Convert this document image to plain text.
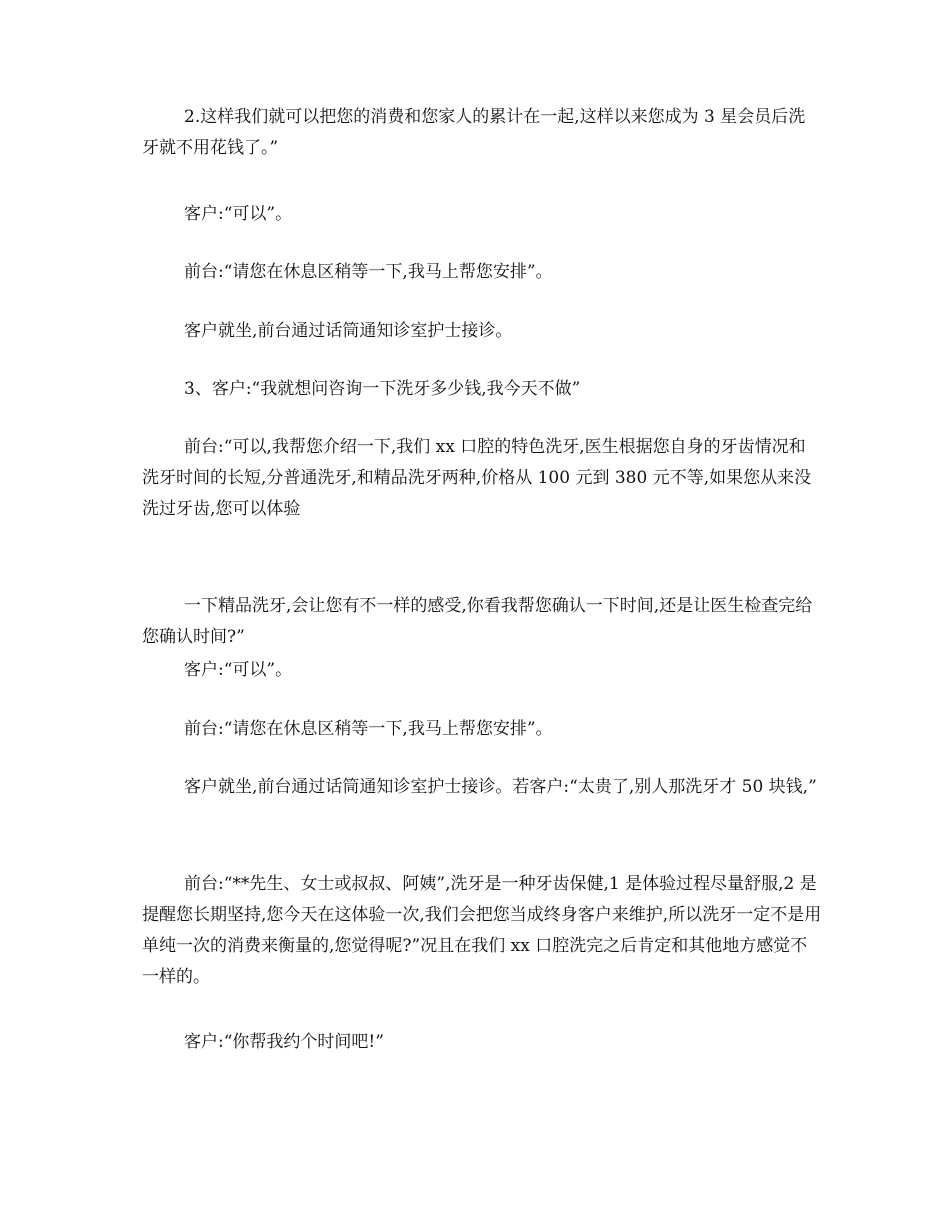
2.这样我们就可以把您的消费和您家人的累计在一起,这样以来您成为 3 星会员后洗牙就不用花钱了。”

客户:“可以”。

前台:“请您在休息区稍等一下,我马上帮您安排”。

客户就坐,前台通过话筒通知诊室护士接诊。

3、客户:“我就想问咨询一下洗牙多少钱,我今天不做”

前台:“可以,我帮您介绍一下,我们 xx 口腔的特色洗牙,医生根据您自身的牙齿情况和洗牙时间的长短,分普通洗牙,和精品洗牙两种,价格从 100 元到 380 元不等,如果您从来没洗过牙齿,您可以体验

一下精品洗牙,会让您有不一样的感受,你看我帮您确认一下时间,还是让医生检查完给您确认时间?”

客户:“可以”。

前台:“请您在休息区稍等一下,我马上帮您安排”。

客户就坐,前台通过话筒通知诊室护士接诊。若客户:“太贵了,别人那洗牙才 50 块钱,”

前台:“**先生、女士或叔叔、阿姨”,洗牙是一种牙齿保健,1 是体验过程尽量舒服,2 是提醒您长期坚持,您今天在这体验一次,我们会把您当成终身客户来维护,所以洗牙一定不是用单纯一次的消费来衡量的,您觉得呢?”况且在我们 xx 口腔洗完之后肯定和其他地方感觉不一样的。

客户:“你帮我约个时间吧!”
